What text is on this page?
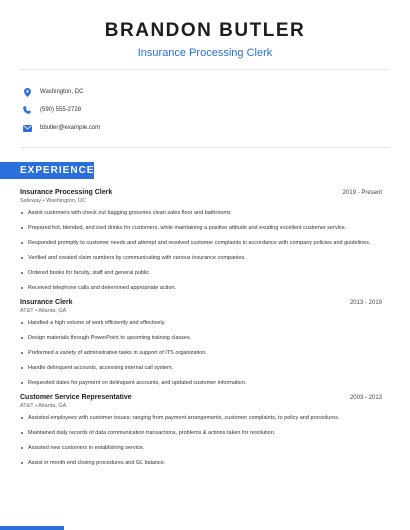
BRANDON BUTLER
Insurance Processing Clerk
Washington, DC
(590) 555-2728
bbutler@example.com
EXPERIENCE
Insurance Processing Clerk	2019 - Present
Safeway • Washington, DC
Assist customers with check out bagging groceries clean sales floor and bathrooms
Prepared hot, blended, and iced drinks for customers, while maintaining a positive attitude and exuding excellent customer service.
Responded promptly to customer needs and attempt and resolved customer complaints in accordance with company policies and guidelines.
Verified and created claim numbers by communicating with various insurance companies.
Ordered books for faculty, staff and general public.
Received telephone calls and determined appropriate action.
Insurance Clerk	2013 - 2019
AT&T • Atlanta, GA
Handled a high volume of work efficiently and effectively.
Design materials through PowerPoint to upcoming training classes.
Preformed a variety of administrative tasks in support of ITS organization.
Handle delinquent accounts, accessing internal call system.
Requested dates for payment on delinquent accounts, and updated customer information.
Customer Service Representative	2003 - 2013
AT&T • Atlanta, GA
Assisted employees with customer issues; ranging from payment arrangements, customer complaints, to policy and procedures.
Maintained daily records of data communication transactions, problems & actions taken for resolution.
Assisted new customers in establishing service.
Assist in month end closing procedures and GL balance.
